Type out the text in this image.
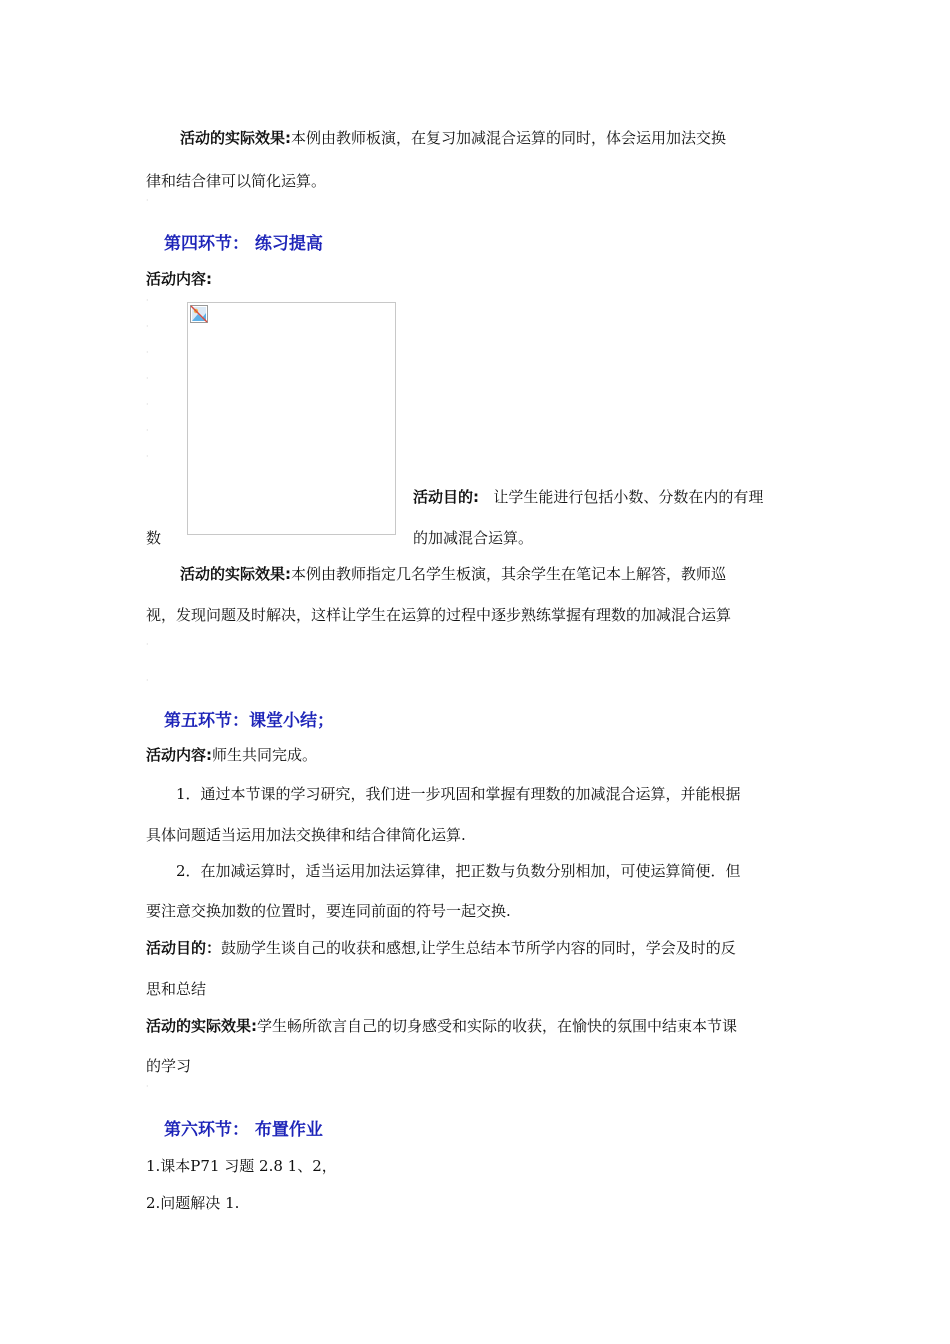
活动的实际效果:本例由教师板演，在复习加减混合运算的同时，体会运用加法交换
律和结合律可以简化运算。
·
第四环节： 练习提高
活动内容:
·
·
·
·
·
·
·
活动目的: 让学生能进行包括小数、分数在内的有理
数	的加减混合运算。
活动的实际效果:本例由教师指定几名学生板演，其余学生在笔记本上解答，教师巡
视，发现问题及时解决，这样让学生在运算的过程中逐步熟练掌握有理数的加减混合运算
·
·
第五环节：课堂小结；
活动内容:师生共同完成。
1．通过本节课的学习研究，我们进一步巩固和掌握有理数的加减混合运算，并能根据
具体问题适当运用加法交换律和结合律简化运算.
2．在加减运算时，适当运用加法运算律，把正数与负数分别相加，可使运算简便．但
要注意交换加数的位置时，要连同前面的符号一起交换.
活动目的：鼓励学生谈自己的收获和感想,让学生总结本节所学内容的同时，学会及时的反
思和总结
活动的实际效果:学生畅所欲言自己的切身感受和实际的收获，在愉快的氛围中结束本节课
的学习
·
第六环节： 布置作业
1.课本P71 习题 2.8 1、2，
2.问题解决 1.
